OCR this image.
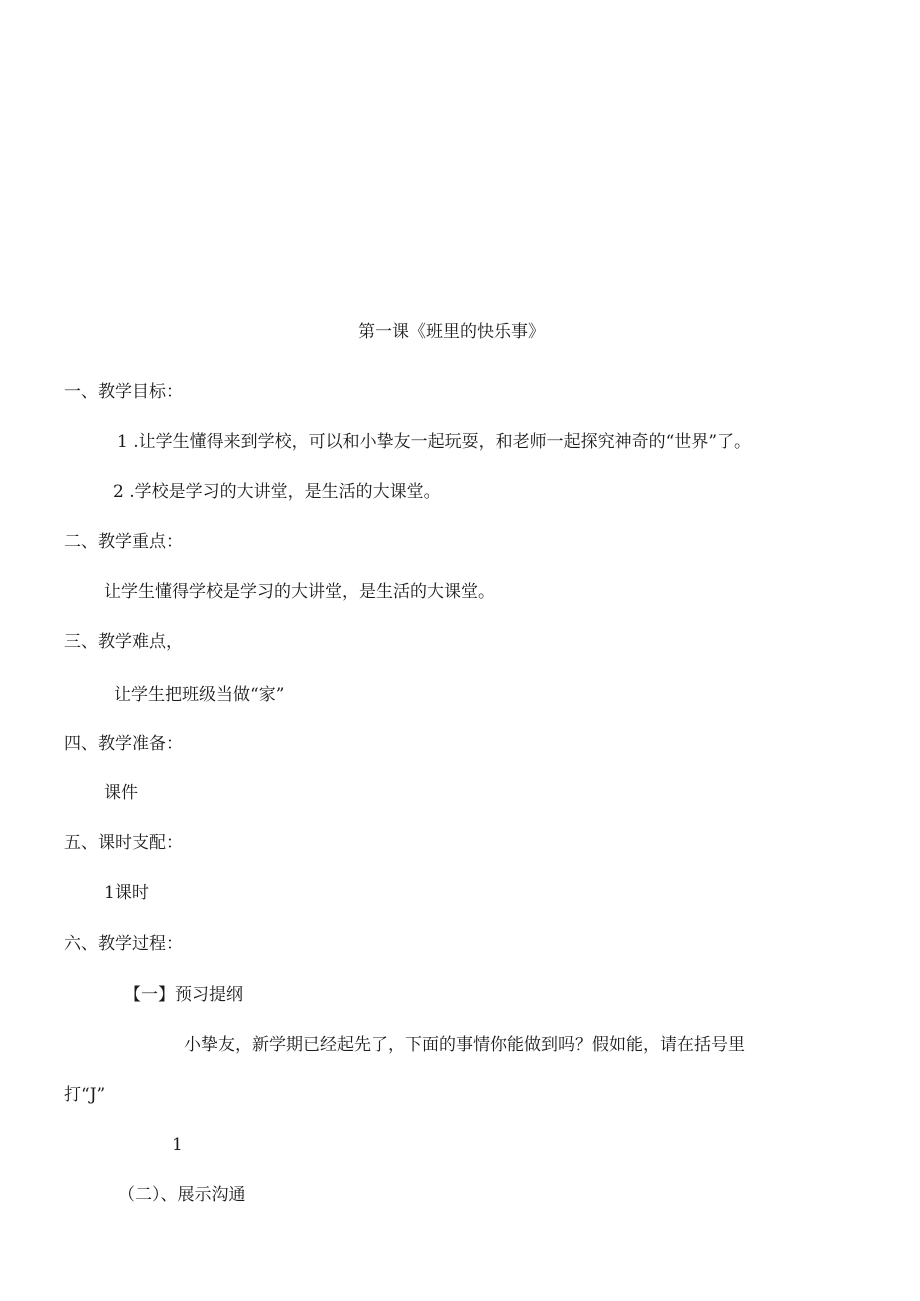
第一课《班里的快乐事》
一、教学目标：
1 .让学生懂得来到学校，可以和小挚友一起玩耍，和老师一起探究神奇的“世界”了。
2 .学校是学习的大讲堂，是生活的大课堂。
二、教学重点：
让学生懂得学校是学习的大讲堂，是生活的大课堂。
三、教学难点，
让学生把班级当做“家”
四、教学准备：
课件
五、课时支配：
1课时
六、教学过程：
【一】预习提纲
小挚友，新学期已经起先了，下面的事情你能做到吗？假如能，请在括号里
打“J”
1
（二）、展示沟通
